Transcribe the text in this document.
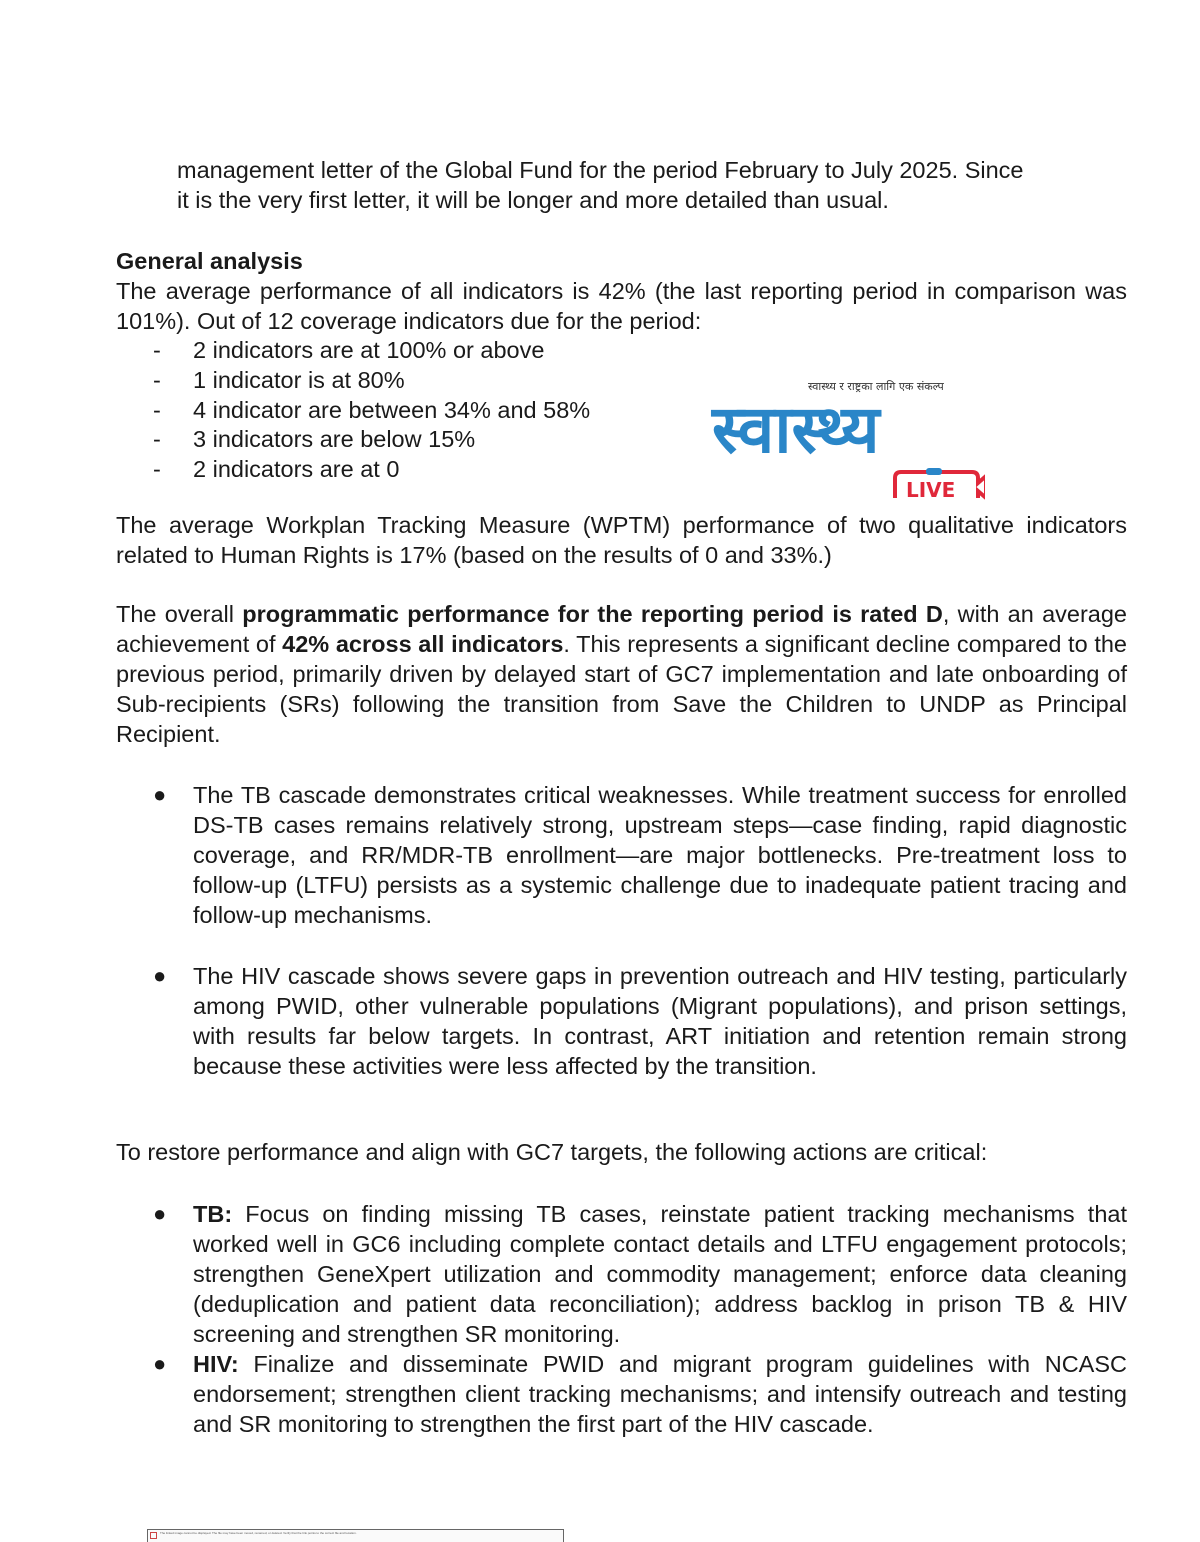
management letter of the Global Fund for the period February to July 2025. Since

it is the very first letter, it will be longer and more detailed than usual.

General analysis

The average performance of all indicators is 42% (the last reporting period in comparison was 101%). Out of 12 coverage indicators due for the period:

- 2 indicators are at 100% or above
- 1 indicator is at 80%
- 4 indicator are between 34% and 58%
- 3 indicators are below 15%
- 2 indicators are at 0
स्वास्थ्य र राष्ट्रका लागि एक संकल्प
स्वास्थ्य
LIVE

The average Workplan Tracking Measure (WPTM) performance of two qualitative indicators related to Human Rights is 17% (based on the results of 0 and 33%.)

The overall programmatic performance for the reporting period is rated D, with an average achievement of 42% across all indicators. This represents a significant decline compared to the previous period, primarily driven by delayed start of GC7 implementation and late onboarding of Sub-recipients (SRs) following the transition from Save the Children to UNDP as Principal Recipient.

● The TB cascade demonstrates critical weaknesses. While treatment success for enrolled DS-TB cases remains relatively strong, upstream steps—case finding, rapid diagnostic coverage, and RR/MDR-TB enrollment—are major bottlenecks. Pre-treatment loss to follow-up (LTFU) persists as a systemic challenge due to inadequate patient tracing and follow-up mechanisms.
● The HIV cascade shows severe gaps in prevention outreach and HIV testing, particularly among PWID, other vulnerable populations (Migrant populations), and prison settings, with results far below targets. In contrast, ART initiation and retention remain strong because these activities were less affected by the transition.

To restore performance and align with GC7 targets, the following actions are critical:

● TB: Focus on finding missing TB cases, reinstate patient tracking mechanisms that worked well in GC6 including complete contact details and LTFU engagement protocols; strengthen GeneXpert utilization and commodity management; enforce data cleaning (deduplication and patient data reconciliation); address backlog in prison TB & HIV screening and strengthen SR monitoring.
● HIV: Finalize and disseminate PWID and migrant program guidelines with NCASC endorsement; strengthen client tracking mechanisms; and intensify outreach and testing and SR monitoring to strengthen the first part of the HIV cascade.
The linked image cannot be displayed. The file may have been moved, renamed, or deleted. Verify that the link points to the correct file and location.
